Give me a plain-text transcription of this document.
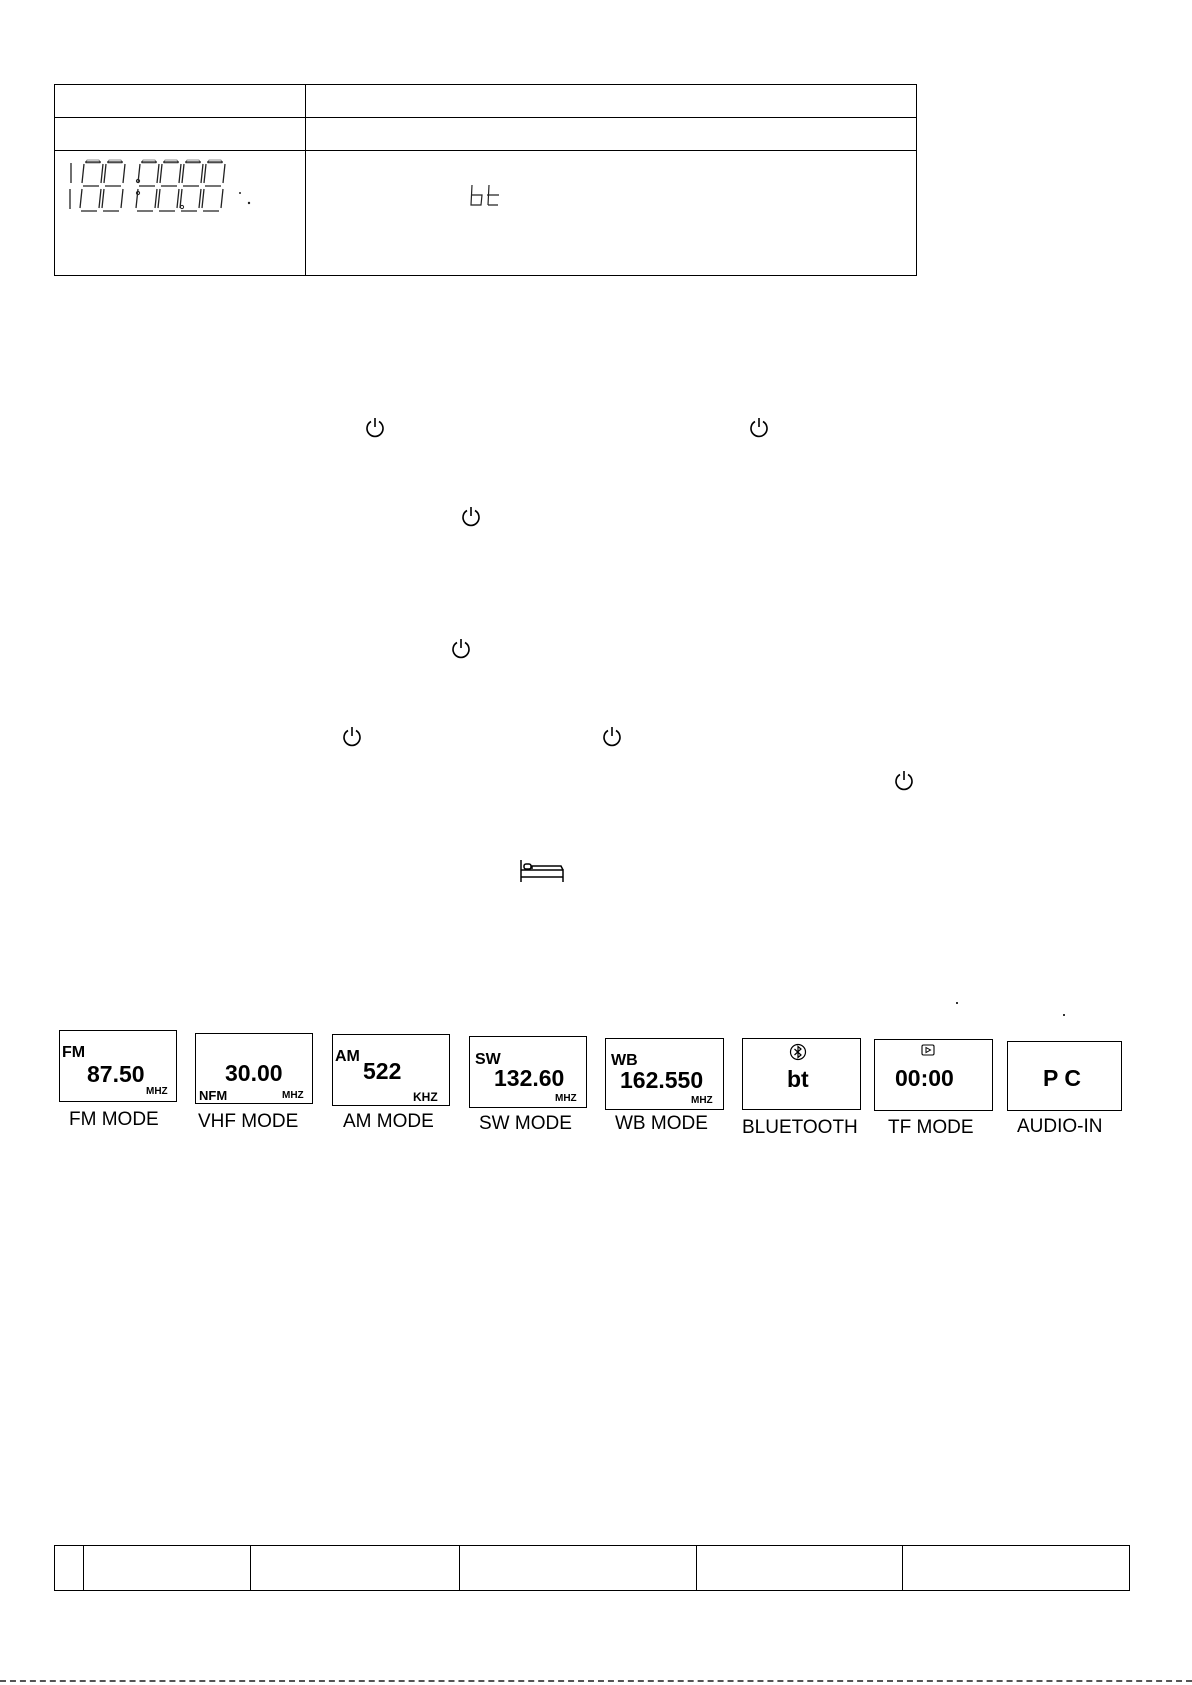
FM
87.50
MHZ
FM MODE
30.00
NFM	MHZ
VHF MODE
AM
522
KHZ
AM MODE
SW
132.60
MHZ
SW MODE
WB
162.550
MHZ
WB MODE
bt
BLUETOOTH
00:00
TF MODE
P C
AUDIO-IN
